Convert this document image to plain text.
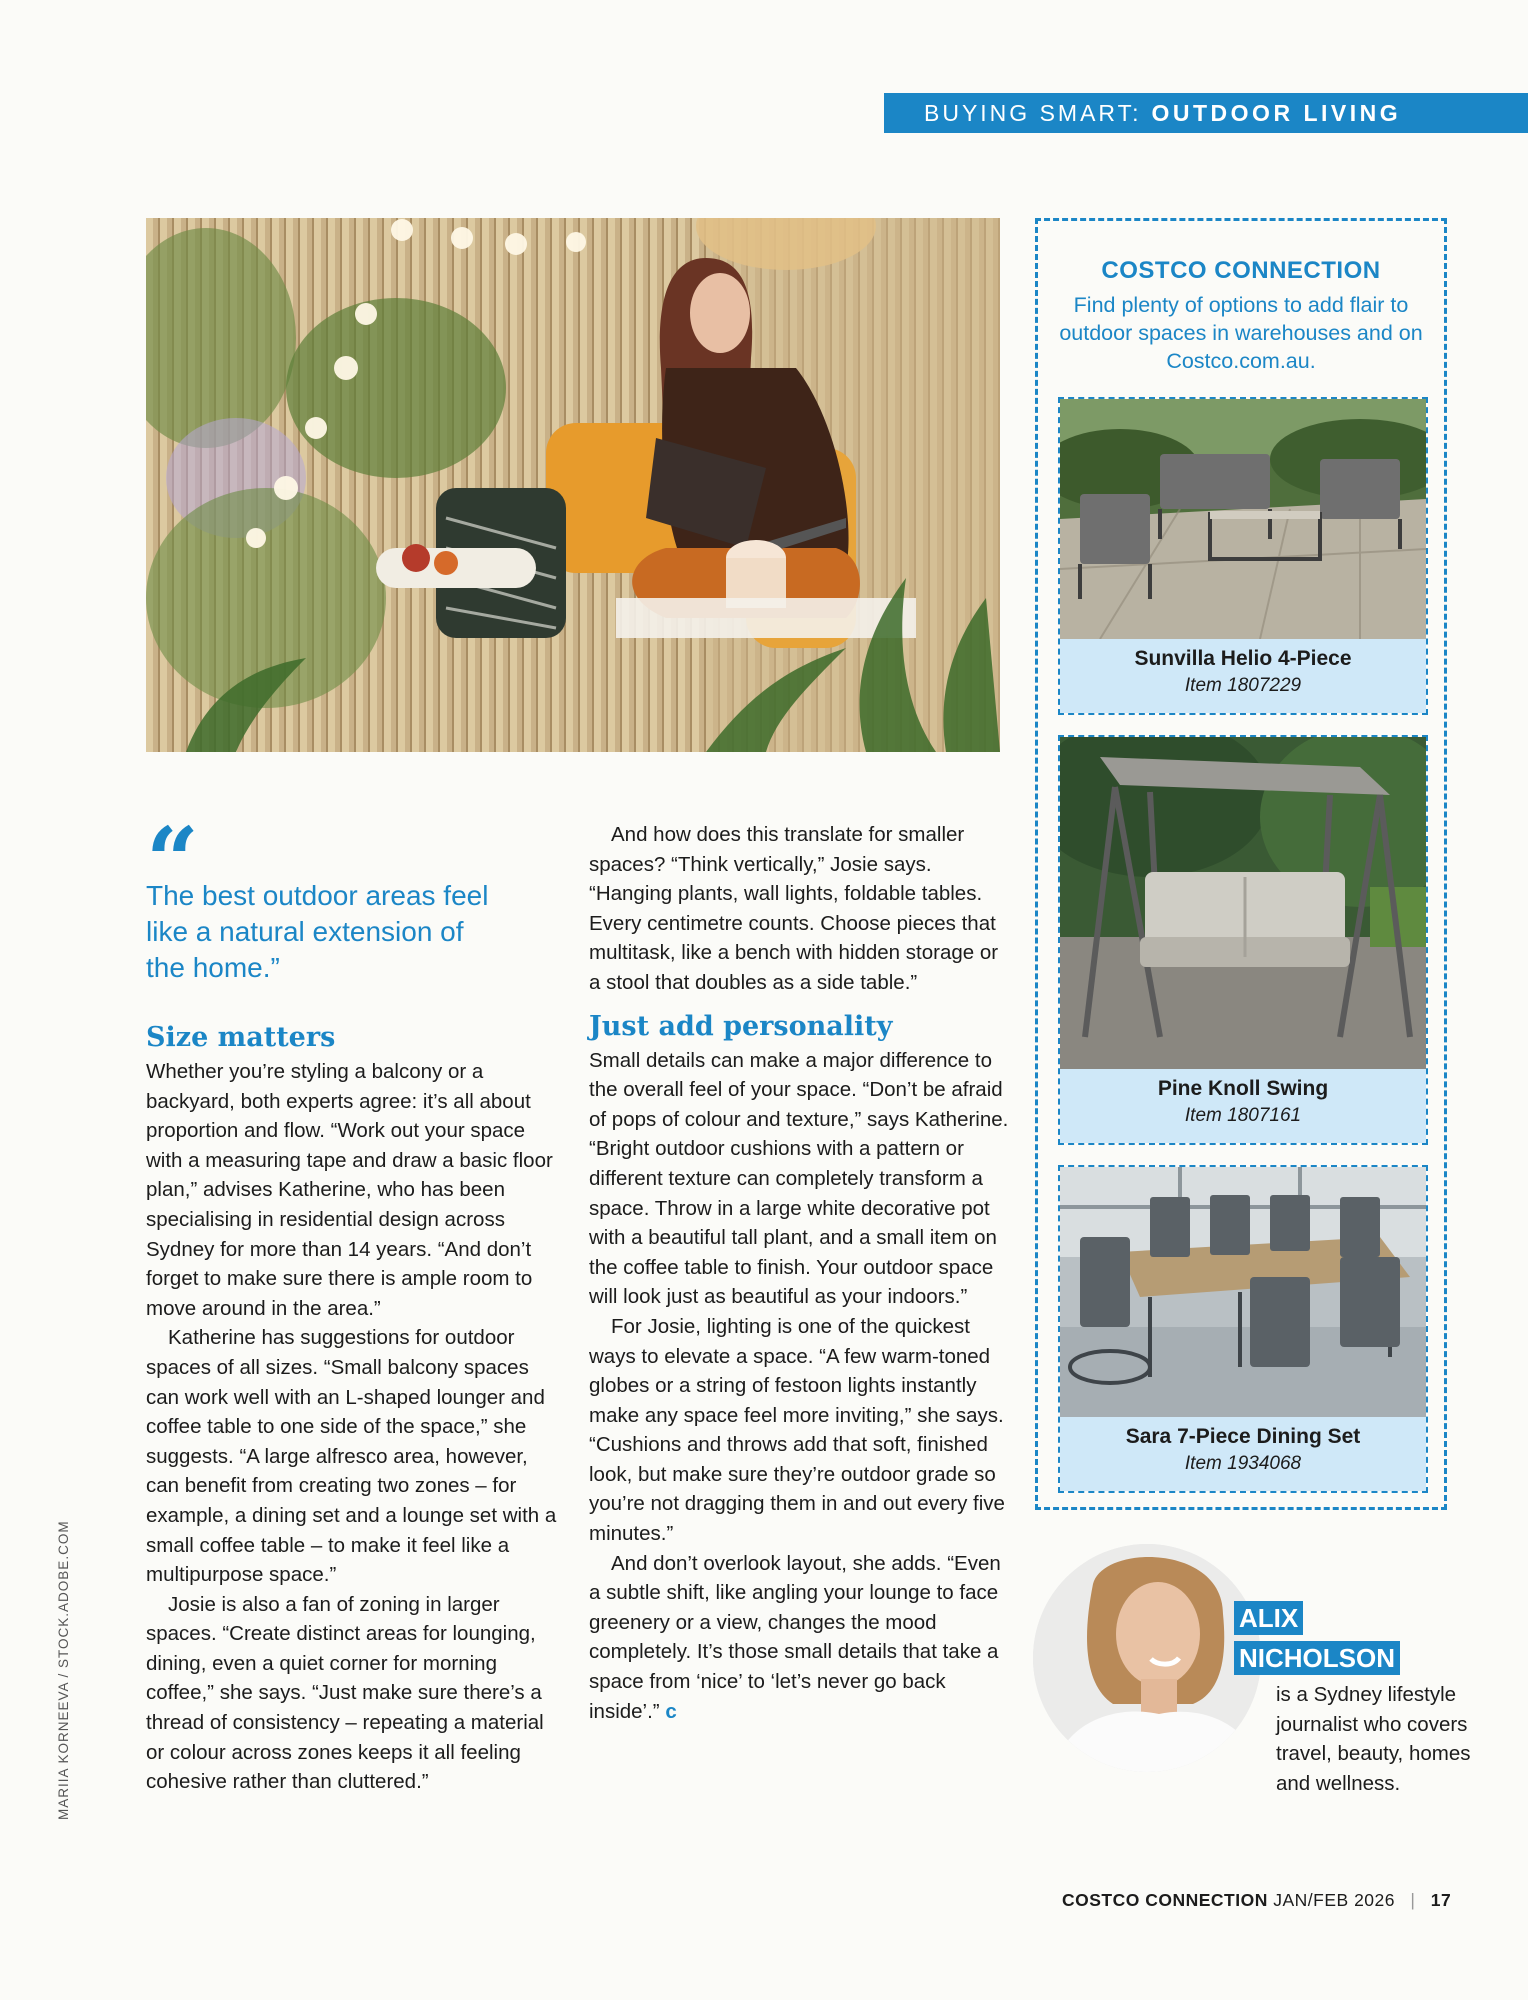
BUYING SMART: OUTDOOR LIVING
“
The best outdoor areas feel like a natural extension of the home.”
Size matters

Whether you’re styling a balcony or a backyard, both experts agree: it’s all about proportion and flow. “Work out your space with a measuring tape and draw a basic floor plan,” advises Katherine, who has been specialising in residential design across Sydney for more than 14 years. “And don’t forget to make sure there is ample room to move around in the area.”

Katherine has suggestions for outdoor spaces of all sizes. “Small balcony spaces can work well with an L-shaped lounger and coffee table to one side of the space,” she suggests. “A large alfresco area, however, can benefit from creating two zones – for example, a dining set and a lounge set with a small coffee table – to make it feel like a multipurpose space.”

Josie is also a fan of zoning in larger spaces. “Create distinct areas for lounging, dining, even a quiet corner for morning coffee,” she says. “Just make sure there’s a thread of consistency – repeating a material or colour across zones keeps it all feeling cohesive rather than cluttered.”

And how does this translate for smaller spaces? “Think vertically,” Josie says. “Hanging plants, wall lights, foldable tables. Every centimetre counts. Choose pieces that multitask, like a bench with hidden storage or a stool that doubles as a side table.”

Just add personality

Small details can make a major difference to the overall feel of your space. “Don’t be afraid of pops of colour and texture,” says Katherine. “Bright outdoor cushions with a pattern or different texture can completely transform a space. Throw in a large white decorative pot with a beautiful tall plant, and a small item on the coffee table to finish. Your outdoor space will look just as beautiful as your indoors.”

For Josie, lighting is one of the quickest ways to elevate a space. “A few warm-toned globes or a string of festoon lights instantly make any space feel more inviting,” she says. “Cushions and throws add that soft, finished look, but make sure they’re outdoor grade so you’re not dragging them in and out every five minutes.”

And don’t overlook layout, she adds. “Even a subtle shift, like angling your lounge to face greenery or a view, changes the mood completely. It’s those small details that take a space from ‘nice’ to ‘let’s never go back inside’.” c

COSTCO CONNECTION
Find plenty of options to add flair to outdoor spaces in warehouses and on Costco.com.au.
Sunvilla Helio 4-Piece
Item 1807229
Pine Knoll Swing
Item 1807161
Sara 7-Piece Dining Set
Item 1934068
ALIX
NICHOLSON
is a Sydney lifestyle journalist who covers travel, beauty, homes and wellness.
MARIIA KORNEEVA / STOCK.ADOBE.COM
COSTCO CONNECTION JAN/FEB 2026 | 17
